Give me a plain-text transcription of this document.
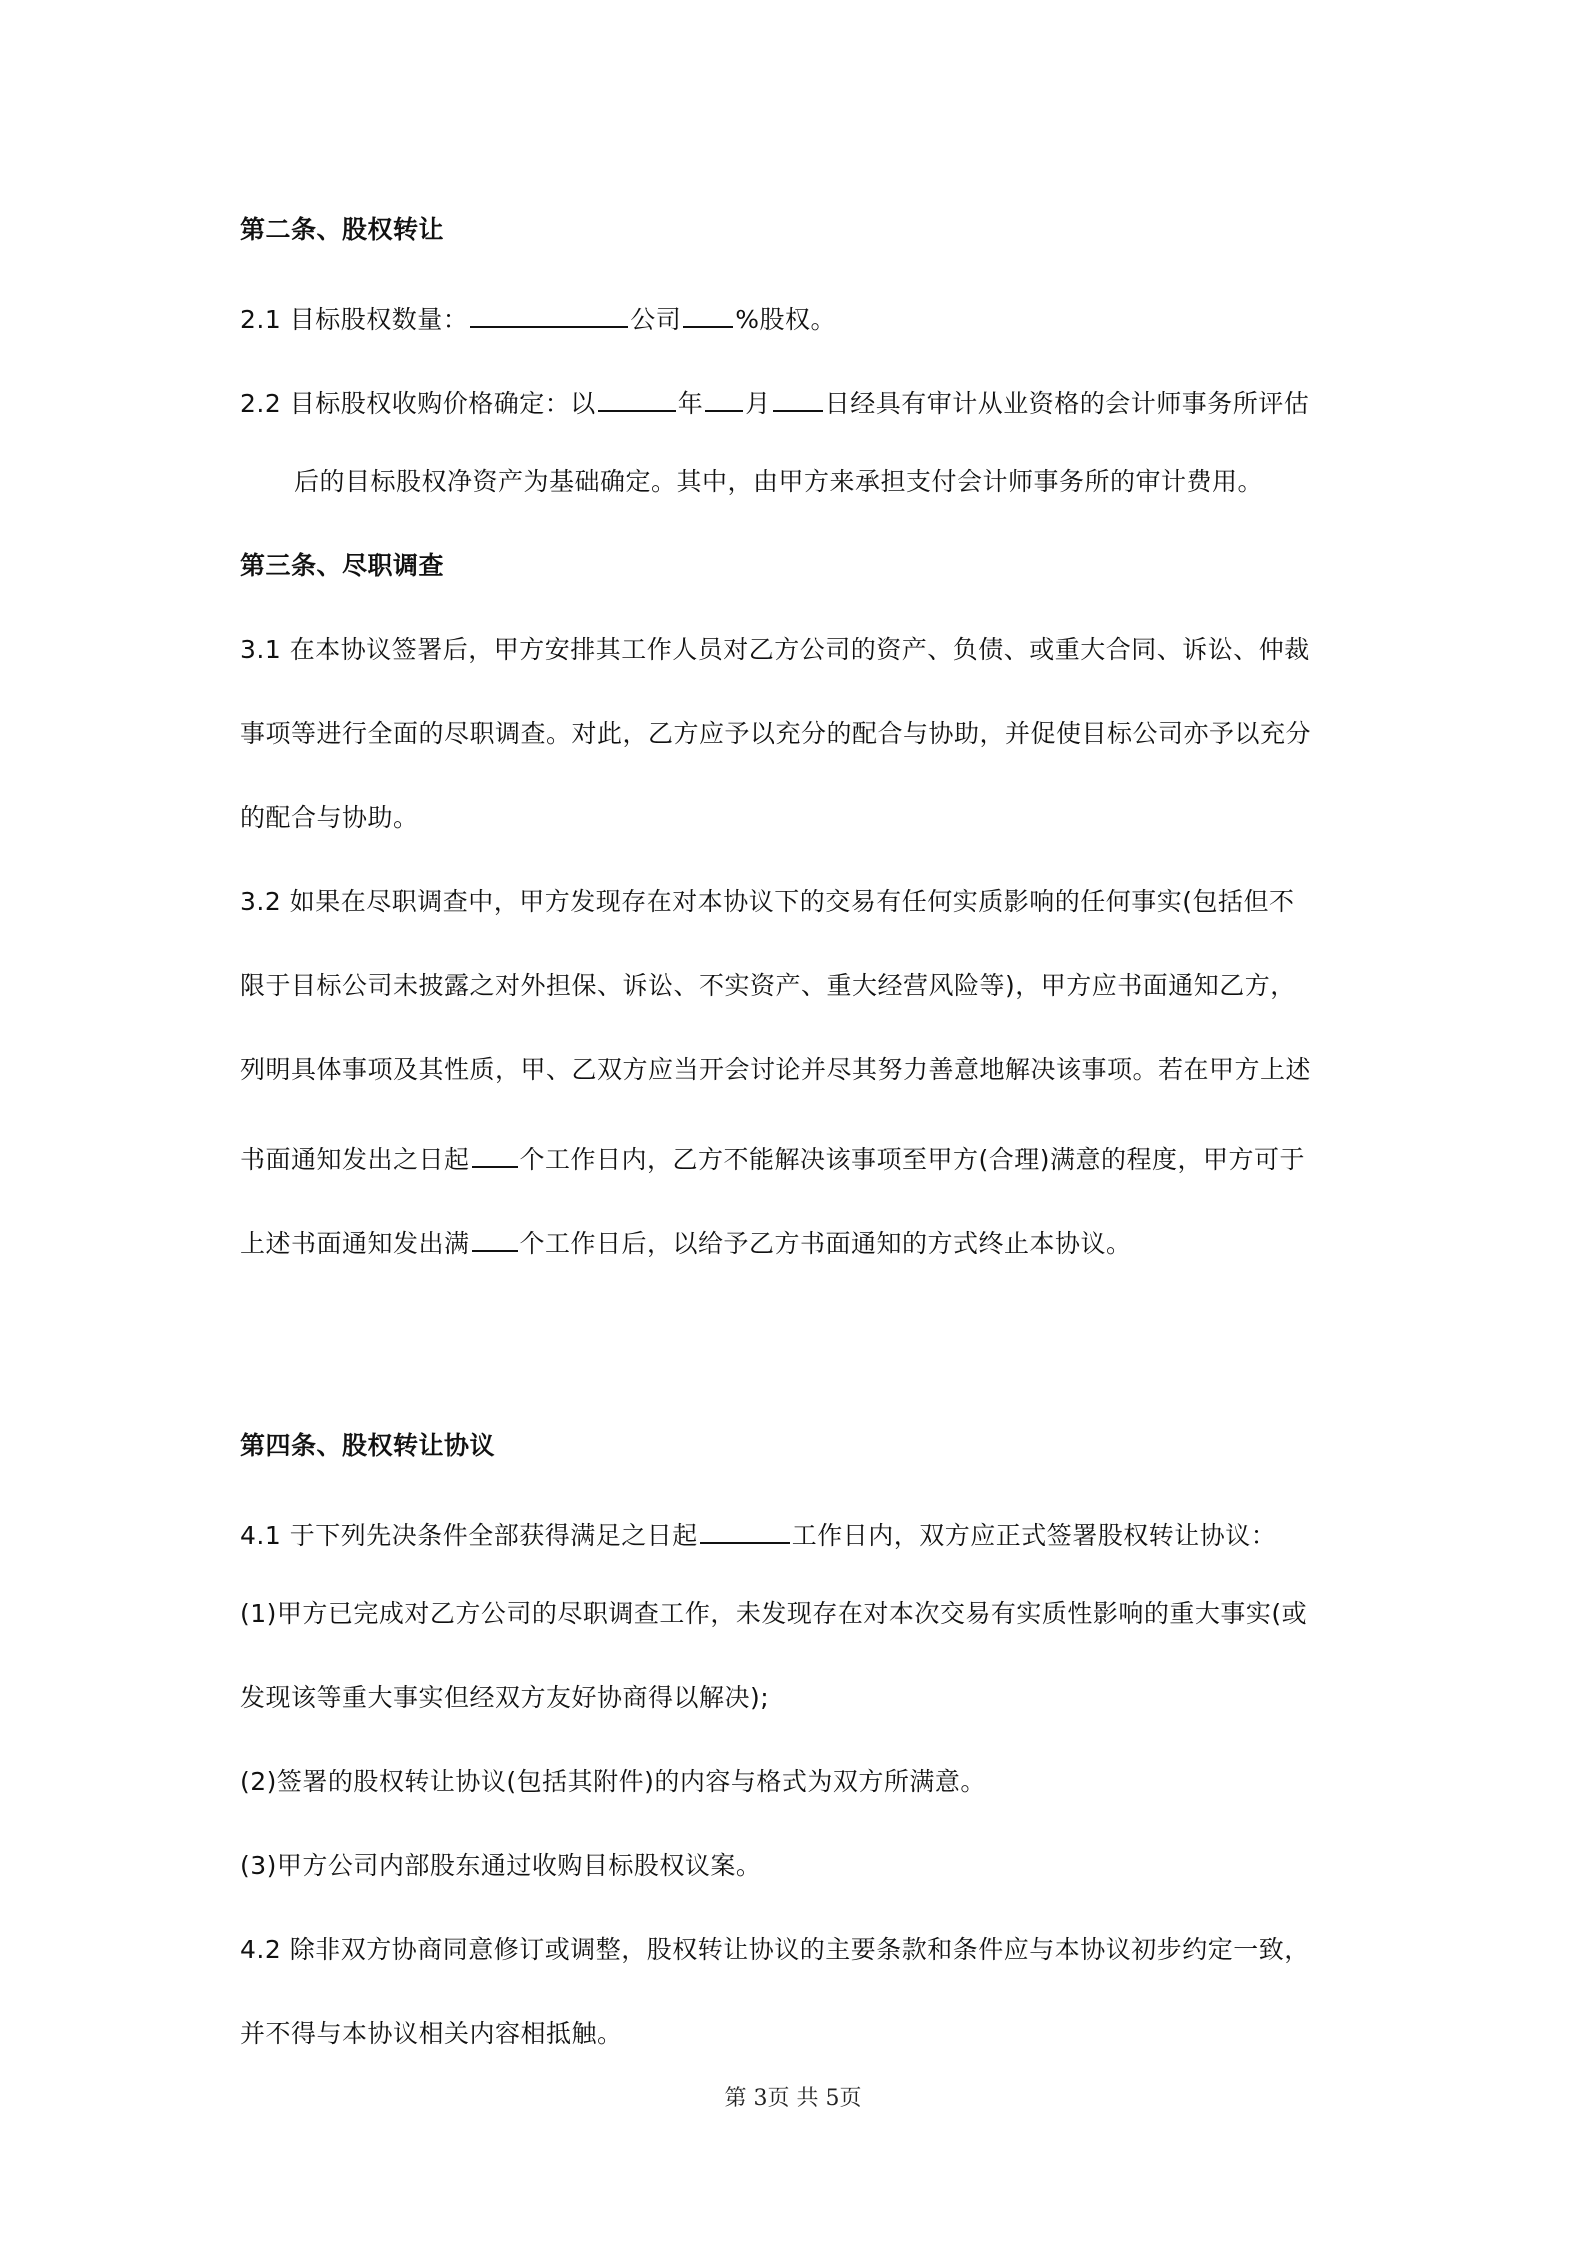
第二条、股权转让
2.1 目标股权数量：	公司 %股权。
2.2 目标股权收购价格确定：以	年 月 日经具有审计从业资格的会计师事务所评估
后的目标股权净资产为基础确定。其中，由甲方来承担支付会计师事务所的审计费用。
第三条、尽职调查
3.1 在本协议签署后，甲方安排其工作人员对乙方公司的资产、负债、或重大合同、诉讼、仲裁
事项等进行全面的尽职调查。对此，乙方应予以充分的配合与协助，并促使目标公司亦予以充分
的配合与协助。
3.2 如果在尽职调查中，甲方发现存在对本协议下的交易有任何实质影响的任何事实(包括但不
限于目标公司未披露之对外担保、诉讼、不实资产、重大经营风险等)，甲方应书面通知乙方，
列明具体事项及其性质，甲、乙双方应当开会讨论并尽其努力善意地解决该事项。若在甲方上述
书面通知发出之日起 个工作日内，乙方不能解决该事项至甲方(合理)满意的程度，甲方可于
上述书面通知发出满 个工作日后，以给予乙方书面通知的方式终止本协议。
第四条、股权转让协议
4.1 于下列先决条件全部获得满足之日起	工作日内，双方应正式签署股权转让协议：
(1)甲方已完成对乙方公司的尽职调查工作，未发现存在对本次交易有实质性影响的重大事实(或
发现该等重大事实但经双方友好协商得以解决);
(2)签署的股权转让协议(包括其附件)的内容与格式为双方所满意。
(3)甲方公司内部股东通过收购目标股权议案。
4.2 除非双方协商同意修订或调整，股权转让协议的主要条款和条件应与本协议初步约定一致，
并不得与本协议相关内容相抵触。
第 3页 共 5页
